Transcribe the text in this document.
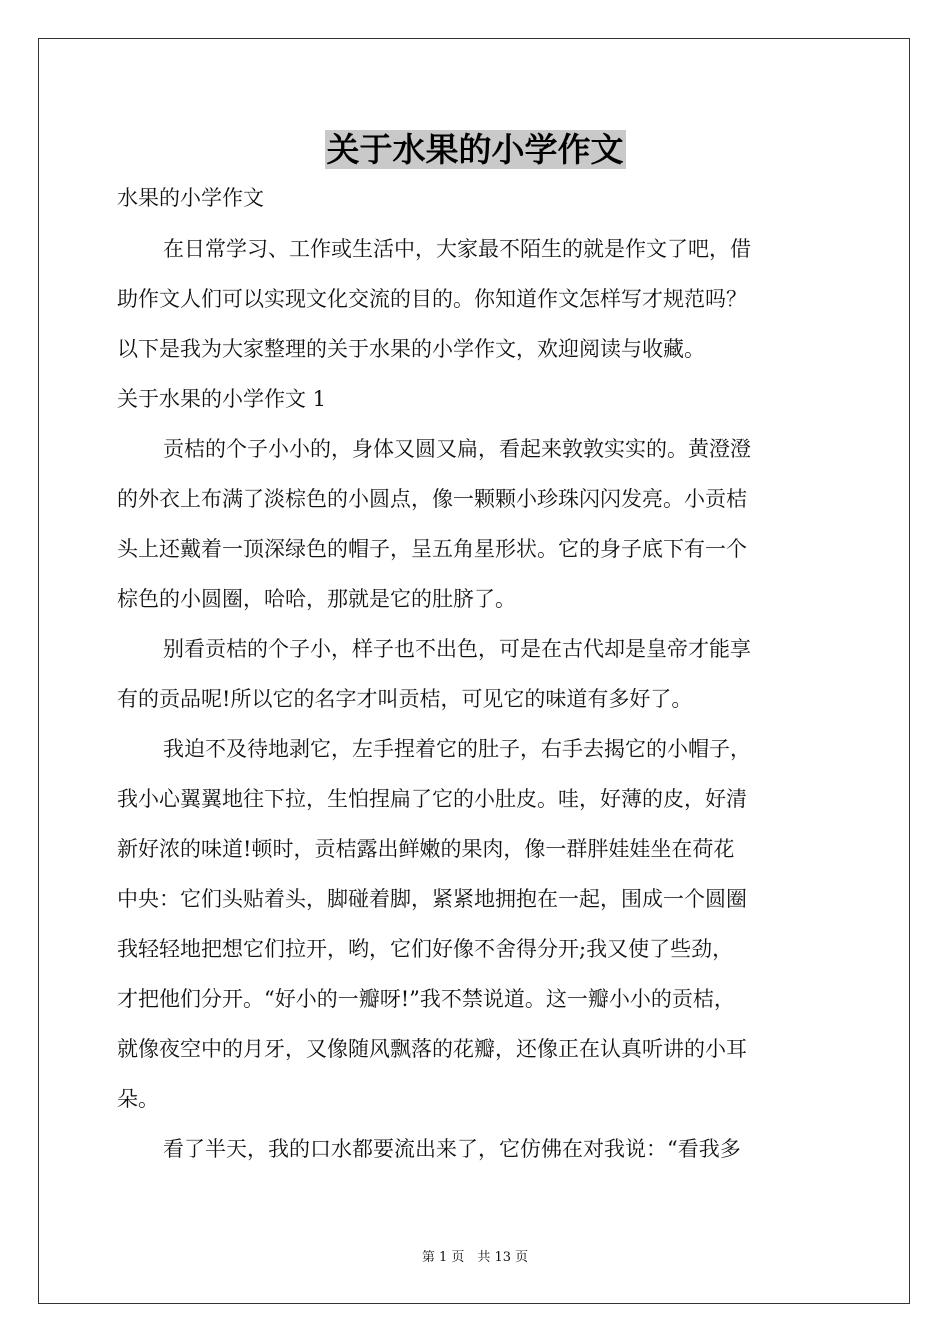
关于水果的小学作文
水果的小学作文
在日常学习、工作或生活中，大家最不陌生的就是作文了吧，借
助作文人们可以实现文化交流的目的。你知道作文怎样写才规范吗？
以下是我为大家整理的关于水果的小学作文，欢迎阅读与收藏。
关于水果的小学作文 1
贡桔的个子小小的，身体又圆又扁，看起来敦敦实实的。黄澄澄
的外衣上布满了淡棕色的小圆点，像一颗颗小珍珠闪闪发亮。小贡桔
头上还戴着一顶深绿色的帽子，呈五角星形状。它的身子底下有一个
棕色的小圆圈，哈哈，那就是它的肚脐了。
别看贡桔的个子小，样子也不出色，可是在古代却是皇帝才能享
有的贡品呢!所以它的名字才叫贡桔，可见它的味道有多好了。
我迫不及待地剥它，左手捏着它的肚子，右手去揭它的小帽子，
我小心翼翼地往下拉，生怕捏扁了它的小肚皮。哇，好薄的皮，好清
新好浓的味道!顿时，贡桔露出鲜嫩的果肉，像一群胖娃娃坐在荷花
中央：它们头贴着头，脚碰着脚，紧紧地拥抱在一起，围成一个圆圈
我轻轻地把想它们拉开，哟，它们好像不舍得分开;我又使了些劲，
才把他们分开。“好小的一瓣呀!”我不禁说道。这一瓣小小的贡桔，
就像夜空中的月牙，又像随风飘落的花瓣，还像正在认真听讲的小耳
朵。
看了半天，我的口水都要流出来了，它仿佛在对我说：“看我多
第 1 页　共 13 页
